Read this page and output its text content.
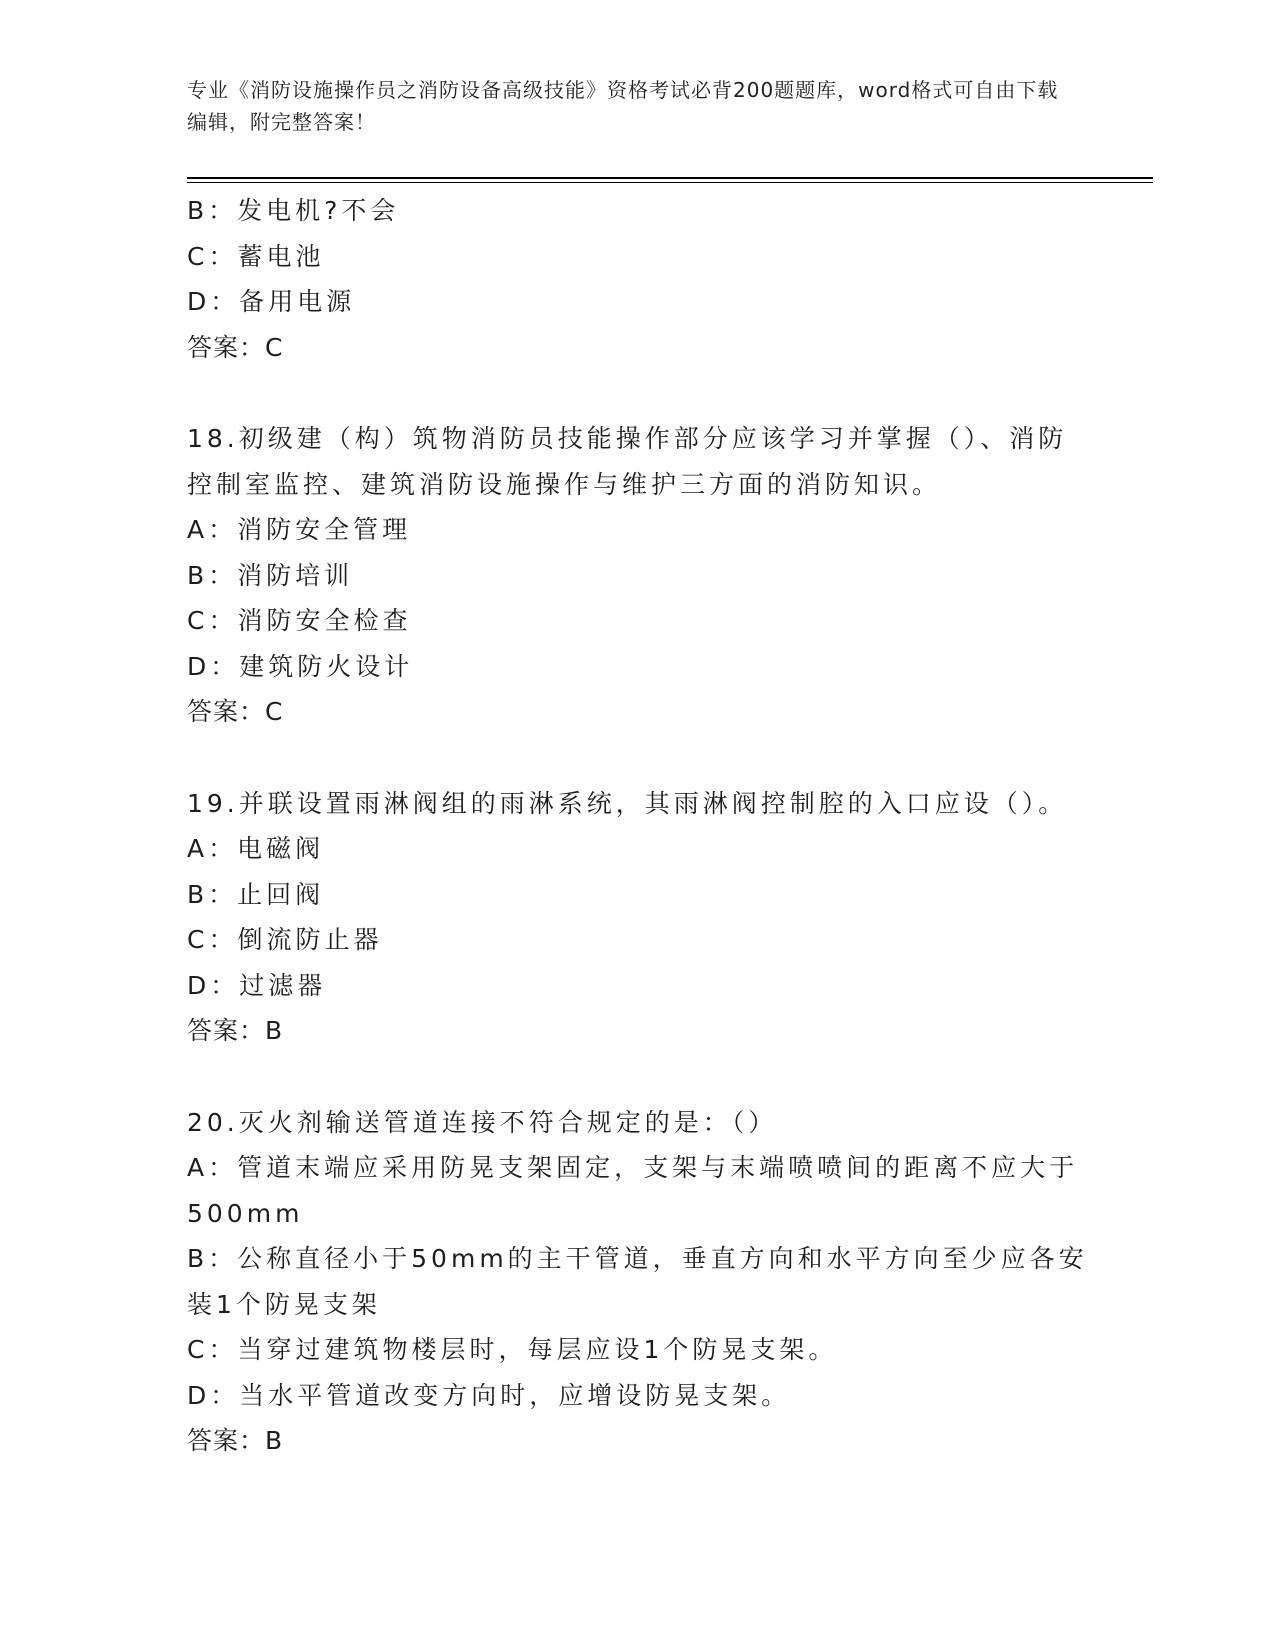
专业《消防设施操作员之消防设备高级技能》资格考试必背200题题库，word格式可自由下载编辑，附完整答案！
B：发电机?不会
C：蓄电池
D：备用电源
答案：C
18.初级建（构）筑物消防员技能操作部分应该学习并掌握（）、消防
控制室监控、建筑消防设施操作与维护三方面的消防知识。
A：消防安全管理
B：消防培训
C：消防安全检查
D：建筑防火设计
答案：C
19.并联设置雨淋阀组的雨淋系统，其雨淋阀控制腔的入口应设（）。
A：电磁阀
B：止回阀
C：倒流防止器
D：过滤器
答案：B
20.灭火剂输送管道连接不符合规定的是：（）
A：管道末端应采用防晃支架固定，支架与末端喷喷间的距离不应大于
500mm
B：公称直径小于50mm的主干管道，垂直方向和水平方向至少应各安
装1个防晃支架
C：当穿过建筑物楼层时，每层应设1个防晃支架。
D：当水平管道改变方向时，应增设防晃支架。
答案：B
